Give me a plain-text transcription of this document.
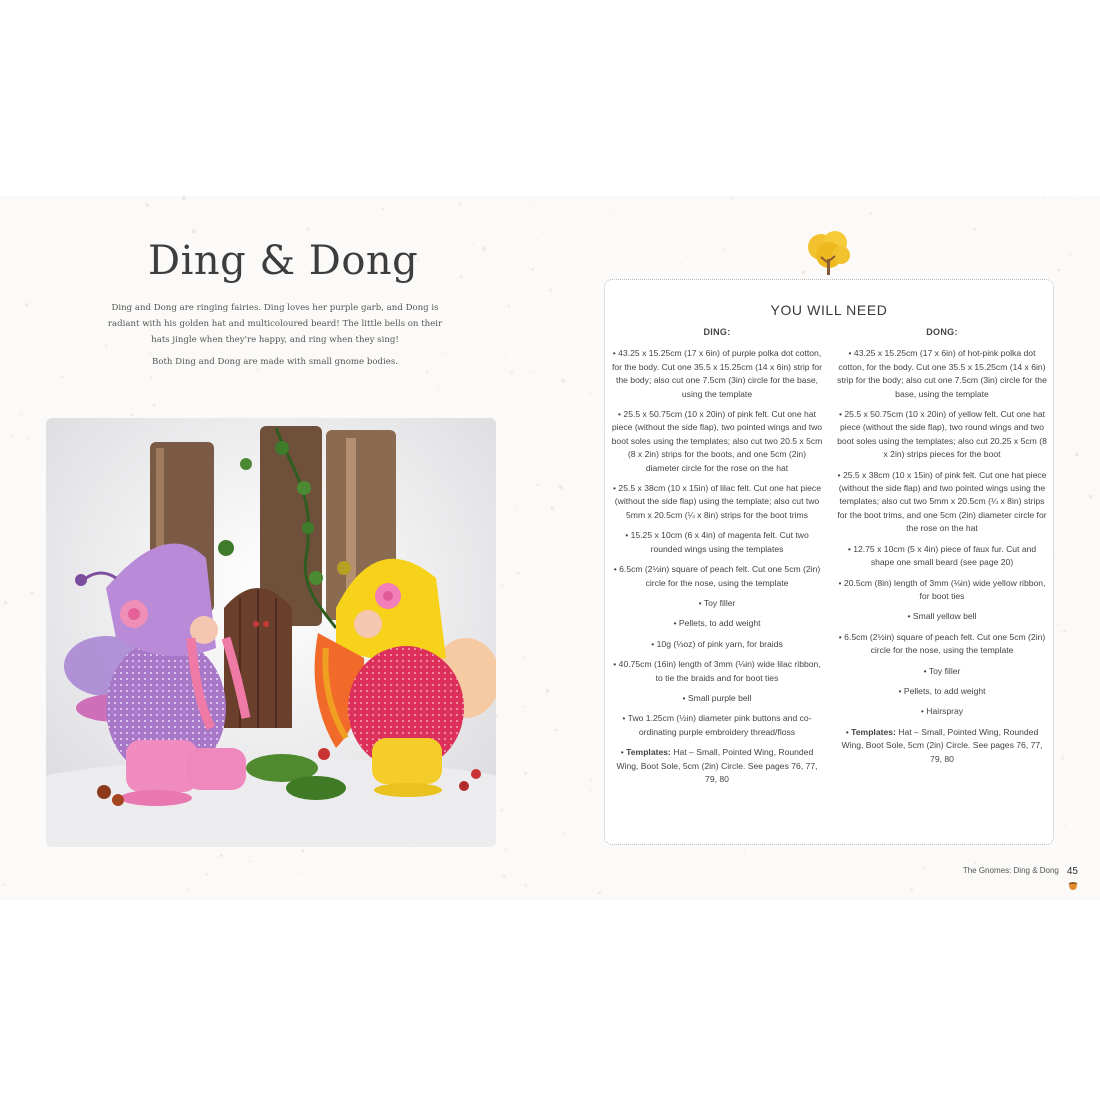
Ding & Dong

Ding and Dong are ringing fairies. Ding loves her purple garb, and Dong is radiant with his golden hat and multicoloured beard! The little bells on their hats jingle when they're happy, and ring when they sing!

Both Ding and Dong are made with small gnome bodies.

YOU WILL NEED
DING:
• 43.25 x 15.25cm (17 x 6in) of purple polka dot cotton, for the body. Cut one 35.5 x 15.25cm (14 x 6in) strip for the body; also cut one 7.5cm (3in) circle for the base, using the template
• 25.5 x 50.75cm (10 x 20in) of pink felt. Cut one hat piece (without the side flap), two pointed wings and two boot soles using the templates; also cut two 20.5 x 5cm (8 x 2in) strips for the boots, and one 5cm (2in) diameter circle for the rose on the hat
• 25.5 x 38cm (10 x 15in) of lilac felt. Cut one hat piece (without the side flap) using the template; also cut two 5mm x 20.5cm (¼ x 8in) strips for the boot trims
• 15.25 x 10cm (6 x 4in) of magenta felt. Cut two rounded wings using the templates
• 6.5cm (2½in) square of peach felt. Cut one 5cm (2in) circle for the nose, using the template
• Toy filler
• Pellets, to add weight
• 10g (⅓oz) of pink yarn, for braids
• 40.75cm (16in) length of 3mm (⅛in) wide lilac ribbon, to tie the braids and for boot ties
• Small purple bell
• Two 1.25cm (½in) diameter pink buttons and co-ordinating purple embroidery thread/floss
• Templates: Hat – Small, Pointed Wing, Rounded Wing, Boot Sole, 5cm (2in) Circle. See pages 76, 77, 79, 80
DONG:
• 43.25 x 15.25cm (17 x 6in) of hot-pink polka dot cotton, for the body. Cut one 35.5 x 15.25cm (14 x 6in) strip for the body; also cut one 7.5cm (3in) circle for the base, using the template
• 25.5 x 50.75cm (10 x 20in) of yellow felt. Cut one hat piece (without the side flap), two round wings and two boot soles using the templates; also cut 20.25 x 5cm (8 x 2in) strips pieces for the boot
• 25.5 x 38cm (10 x 15in) of pink felt. Cut one hat piece (without the side flap) and two pointed wings using the templates; also cut two 5mm x 20.5cm (¼ x 8in) strips for the boot trims, and one 5cm (2in) diameter circle for the rose on the hat
• 12.75 x 10cm (5 x 4in) piece of faux fur. Cut and shape one small beard (see page 20)
• 20.5cm (8in) length of 3mm (⅛in) wide yellow ribbon, for boot ties
• Small yellow bell
• 6.5cm (2½in) square of peach felt. Cut one 5cm (2in) circle for the nose, using the template
• Toy filler
• Pellets, to add weight
• Hairspray
• Templates: Hat – Small, Pointed Wing, Rounded Wing, Boot Sole, 5cm (2in) Circle. See pages 76, 77, 79, 80
The Gnomes: Ding & Dong 45
